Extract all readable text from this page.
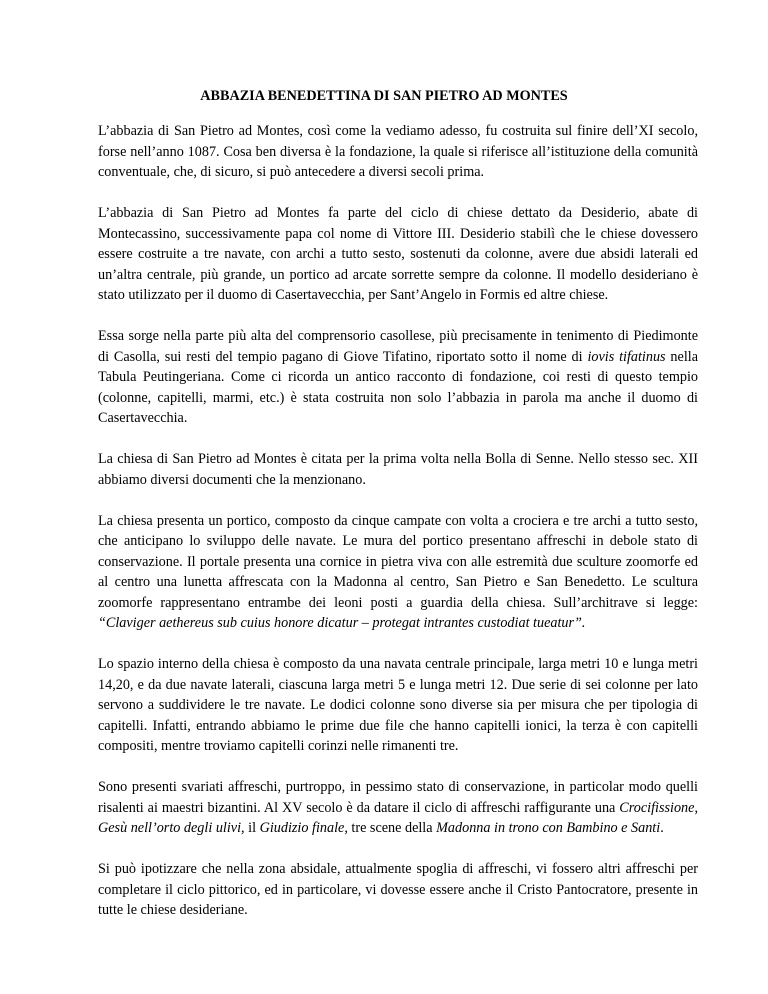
ABBAZIA BENEDETTINA DI SAN PIETRO AD MONTES

L’abbazia di San Pietro ad Montes, così come la vediamo adesso, fu costruita sul finire dell’XI secolo, forse nell’anno 1087. Cosa ben diversa è la fondazione, la quale si riferisce all’istituzione della comunità conventuale, che, di sicuro, si può antecedere a diversi secoli prima.

L’abbazia di San Pietro ad Montes fa parte del ciclo di chiese dettato da Desiderio, abate di Montecassino, successivamente papa col nome di Vittore III. Desiderio stabilì che le chiese dovessero essere costruite a tre navate, con archi a tutto sesto, sostenuti da colonne, avere due absidi laterali ed un’altra centrale, più grande, un portico ad arcate sorrette sempre da colonne. Il modello desideriano è stato utilizzato per il duomo di Casertavecchia, per Sant’Angelo in Formis ed altre chiese.

Essa sorge nella parte più alta del comprensorio casollese, più precisamente in tenimento di Piedimonte di Casolla, sui resti del tempio pagano di Giove Tifatino, riportato sotto il nome di iovis tifatinus nella Tabula Peutingeriana. Come ci ricorda un antico racconto di fondazione, coi resti di questo tempio (colonne, capitelli, marmi, etc.) è stata costruita non solo l’abbazia in parola ma anche il duomo di Casertavecchia.

La chiesa di San Pietro ad Montes è citata per la prima volta nella Bolla di Senne. Nello stesso sec. XII abbiamo diversi documenti che la menzionano.

La chiesa presenta un portico, composto da cinque campate con volta a crociera e tre archi a tutto sesto, che anticipano lo sviluppo delle navate. Le mura del portico presentano affreschi in debole stato di conservazione. Il portale presenta una cornice in pietra viva con alle estremità due sculture zoomorfe ed al centro una lunetta affrescata con la Madonna al centro, San Pietro e San Benedetto. Le scultura zoomorfe rappresentano entrambe dei leoni posti a guardia della chiesa. Sull’architrave si legge: “Claviger aethereus sub cuius honore dicatur – protegat intrantes custodiat tueatur”.

Lo spazio interno della chiesa è composto da una navata centrale principale, larga metri 10 e lunga metri 14,20, e da due navate laterali, ciascuna larga metri 5 e lunga metri 12. Due serie di sei colonne per lato servono a suddividere le tre navate. Le dodici colonne sono diverse sia per misura che per tipologia di capitelli. Infatti, entrando abbiamo le prime due file che hanno capitelli ionici, la terza è con capitelli compositi, mentre troviamo capitelli corinzi nelle rimanenti tre.

Sono presenti svariati affreschi, purtroppo, in pessimo stato di conservazione, in particolar modo quelli risalenti ai maestri bizantini. Al XV secolo è da datare il ciclo di affreschi raffigurante una Crocifissione, Gesù nell’orto degli ulivi, il Giudizio finale, tre scene della Madonna in trono con Bambino e Santi.

Si può ipotizzare che nella zona absidale, attualmente spoglia di affreschi, vi fossero altri affreschi per completare il ciclo pittorico, ed in particolare, vi dovesse essere anche il Cristo Pantocratore, presente in tutte le chiese desideriane.
